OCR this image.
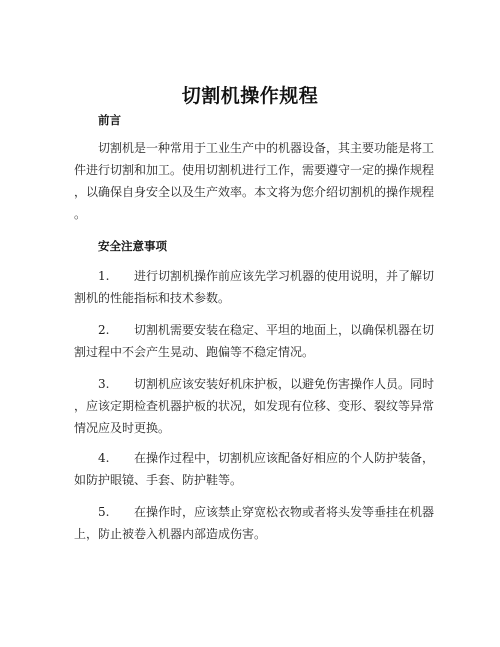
切割机操作规程
前言
切割机是一种常用于工业生产中的机器设备，其主要功能是将工
件进行切割和加工。使用切割机进行工作，需要遵守一定的操作规程
，以确保自身安全以及生产效率。本文将为您介绍切割机的操作规程
。
安全注意事项
1. 进行切割机操作前应该先学习机器的使用说明，并了解切
割机的性能指标和技术参数。
2. 切割机需要安装在稳定、平坦的地面上，以确保机器在切
割过程中不会产生晃动、跑偏等不稳定情况。
3. 切割机应该安装好机床护板，以避免伤害操作人员。同时
，应该定期检查机器护板的状况，如发现有位移、变形、裂纹等异常
情况应及时更换。
4. 在操作过程中，切割机应该配备好相应的个人防护装备，
如防护眼镜、手套、防护鞋等。
5. 在操作时，应该禁止穿宽松衣物或者将头发等垂挂在机器
上，防止被卷入机器内部造成伤害。
